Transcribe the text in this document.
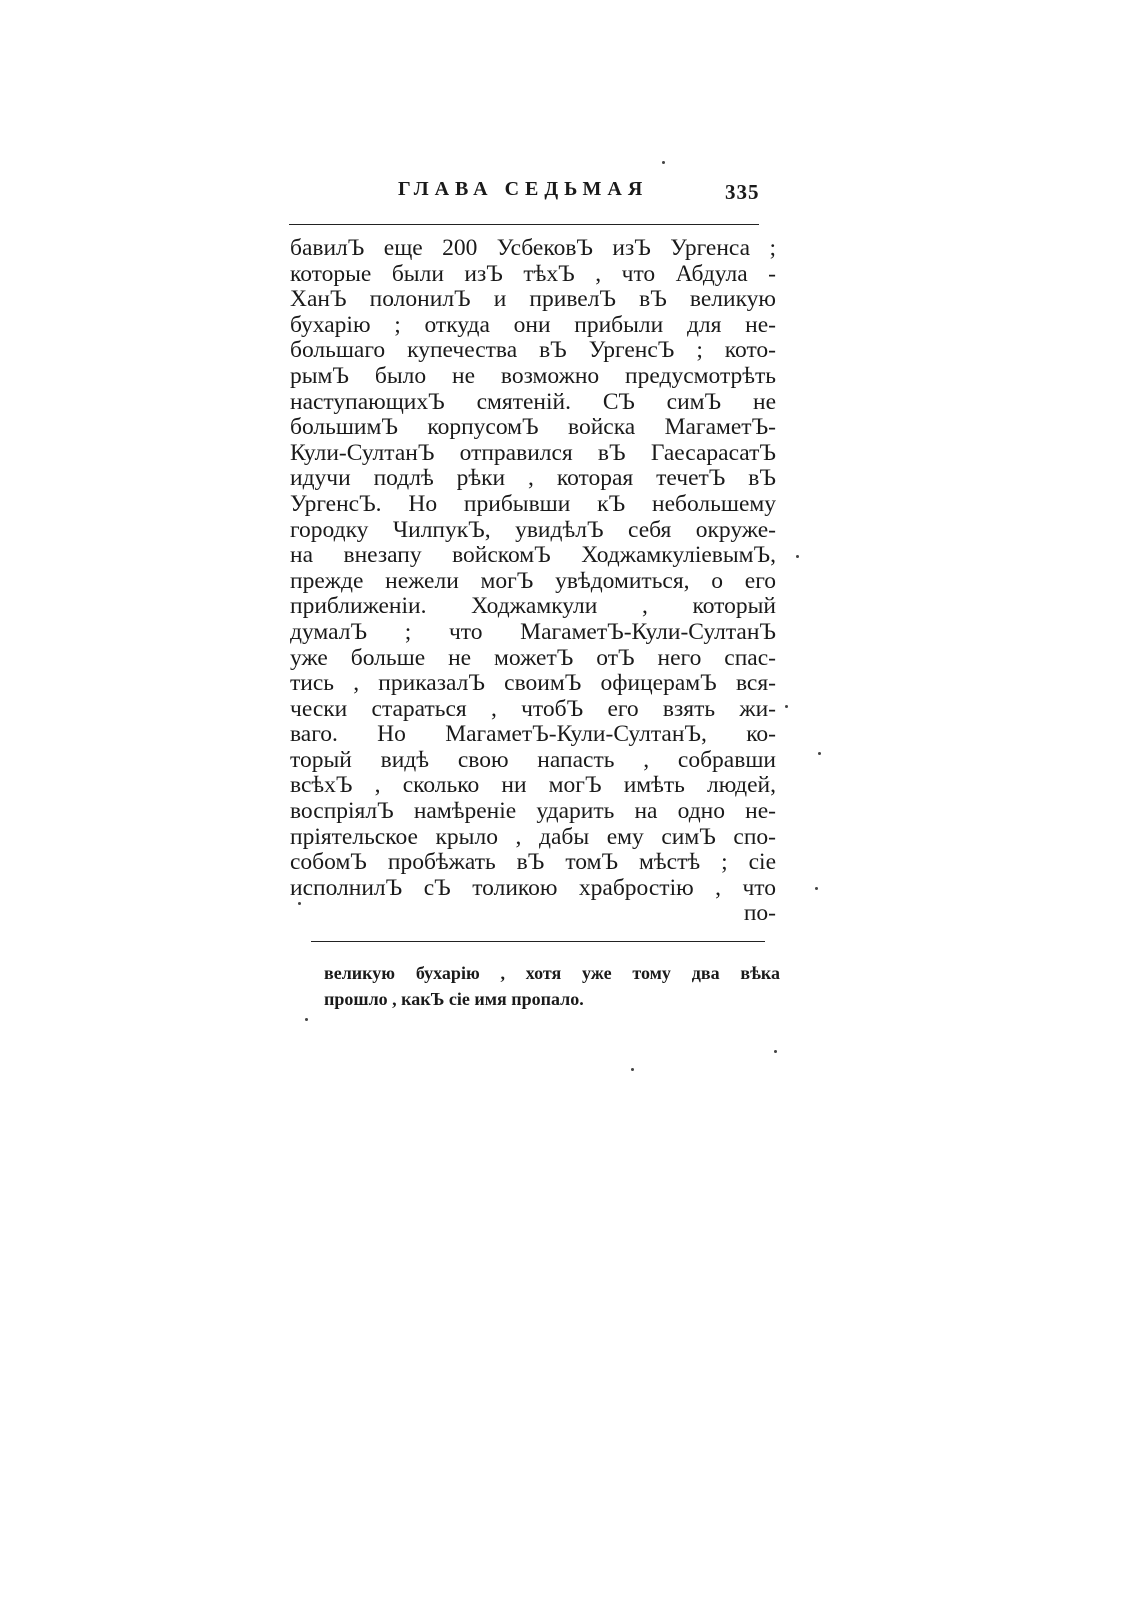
ГЛАВА СЕДЬМАЯ	335
бавилЪ еще 200 УсбековЪ изЪ Ургенса ;
которые были изЪ тѣхЪ , что Абдула -
ХанЪ полонилЪ и привелЪ вЪ великую
бухарію ; откуда они прибыли для не-
большаго купечества вЪ УргенсЪ ; кото-
рымЪ было не возможно предусмотрѣть
наступающихЪ смятеній. СЪ симЪ не
большимЪ корпусомЪ войска МагаметЪ-
Кули-СултанЪ отправился вЪ ГаесарасатЪ
идучи подлѣ рѣки , которая течетЪ вЪ
УргенсЪ. Но прибывши кЪ небольшему
городку ЧилпукЪ, увидѣлЪ себя окруже-
на внезапу войскомЪ ХоджамкуліевымЪ,
прежде нежели могЪ увѣдомиться, о его
приближеніи. Ходжамкули , который
думалЪ ; что МагаметЪ-Кули-СултанЪ
уже больше не можетЪ отЪ него спас-
тись , приказалЪ своимЪ офицерамЪ вся-
чески стараться , чтобЪ его взять жи-
ваго. Но МагаметЪ-Кули-СултанЪ, ко-
торый видѣ свою напасть , собравши
всѣхЪ , сколько ни могЪ имѣть людей,
воспріялЪ намѣреніе ударить на одно не-
пріятельское крыло , дабы ему симЪ спо-
собомЪ пробѣжать вЪ томЪ мѣстѣ ; сіе
исполнилЪ сЪ толикою храбростію , что
по-
великую бухарію , хотя уже тому два вѣка
прошло , какЪ сіе имя пропало.
